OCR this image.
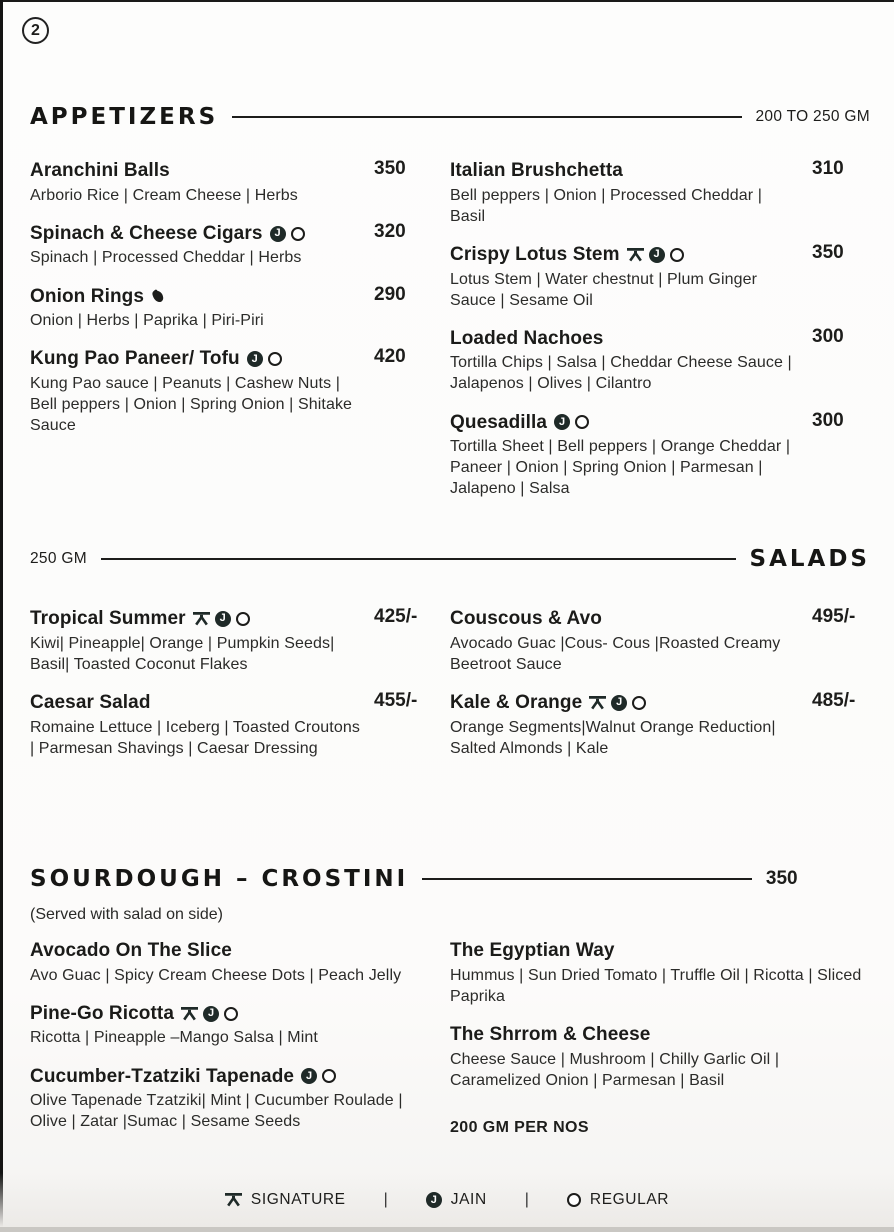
2
APPETIZERS	200 TO 250 GM
Aranchini Balls
Arborio Rice | Cream Cheese | Herbs
350
Spinach & Cheese Cigars	J
Spinach | Processed Cheddar | Herbs
320
Onion Rings
Onion | Herbs | Paprika | Piri-Piri
290
Kung Pao Paneer/ Tofu	J
Kung Pao sauce | Peanuts | Cashew Nuts | Bell peppers | Onion | Spring Onion | Shitake Sauce
420
Italian Brushchetta
Bell peppers | Onion | Processed Cheddar | Basil
310
Crispy Lotus Stem	J
Lotus Stem | Water chestnut | Plum Ginger Sauce | Sesame Oil
350
Loaded Nachoes
Tortilla Chips | Salsa | Cheddar Cheese Sauce | Jalapenos | Olives | Cilantro
300
Quesadilla	J
Tortilla Sheet | Bell peppers | Orange Cheddar | Paneer | Onion | Spring Onion | Parmesan | Jalapeno | Salsa
300
250 GM	SALADS
Tropical Summer	J
Kiwi| Pineapple| Orange | Pumpkin Seeds| Basil| Toasted Coconut Flakes
425/-
Caesar Salad
Romaine Lettuce | Iceberg | Toasted Croutons | Parmesan Shavings | Caesar Dressing
455/-
Couscous & Avo
Avocado Guac |Cous- Cous |Roasted Creamy Beetroot Sauce
495/-
Kale & Orange	J
Orange Segments|Walnut Orange Reduction| Salted Almonds | Kale
485/-
SOURDOUGH – CROSTINI	350
(Served with salad on side)
Avocado On The Slice
Avo Guac | Spicy Cream Cheese Dots | Peach Jelly
Pine-Go Ricotta	J
Ricotta | Pineapple –Mango Salsa | Mint
Cucumber-Tzatziki Tapenade	J
Olive Tapenade Tzatziki| Mint | Cucumber Roulade | Olive | Zatar |Sumac | Sesame Seeds
The Egyptian Way
Hummus | Sun Dried Tomato | Truffle Oil | Ricotta | Sliced Paprika
The Shrrom & Cheese
Cheese Sauce | Mushroom | Chilly Garlic Oil | Caramelized Onion | Parmesan | Basil
200 GM PER NOS
SIGNATURE |	J JAIN |	REGULAR
